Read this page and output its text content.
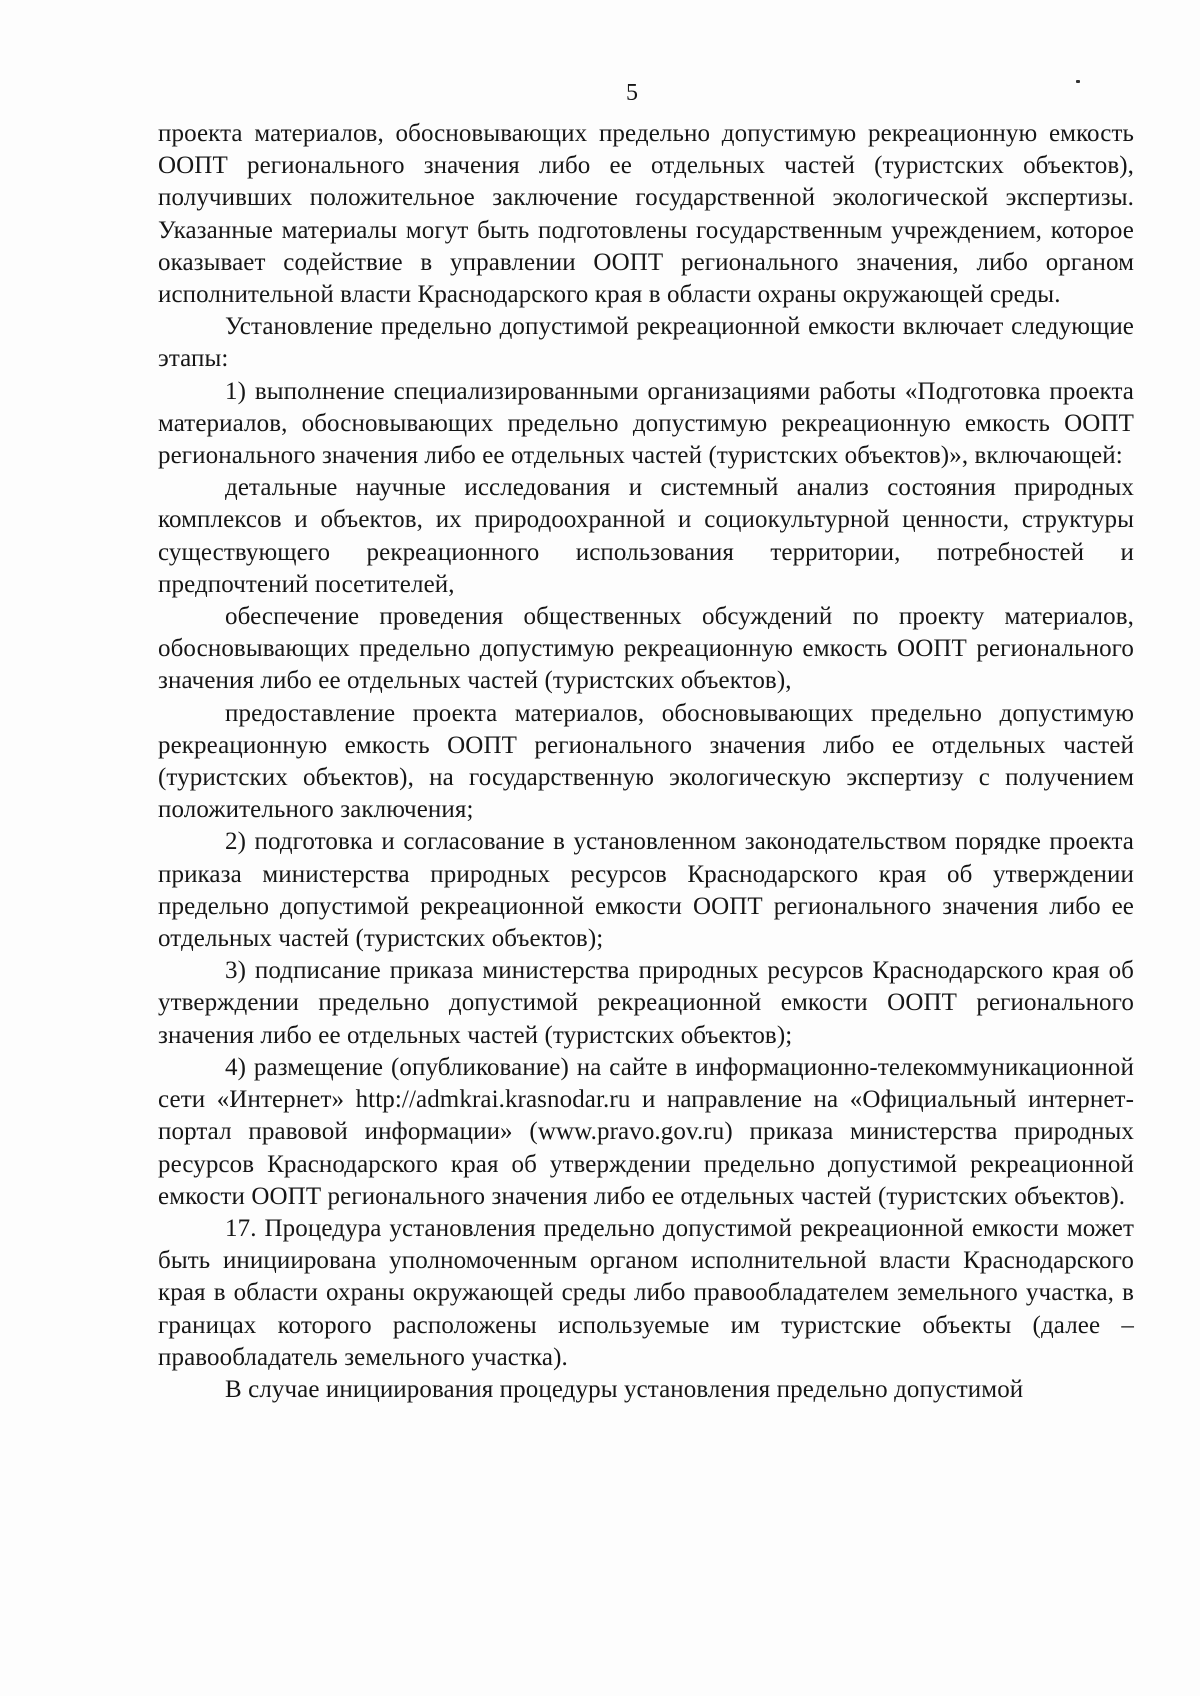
5

проекта материалов, обосновывающих предельно допустимую рекреационную емкость ООПТ регионального значения либо ее отдельных частей (туристских объектов), получивших положительное заключение государственной экологической экспертизы. Указанные материалы могут быть подготовлены государственным учреждением, которое оказывает содействие в управлении ООПТ регионального значения, либо органом исполнительной власти Краснодарского края в области охраны окружающей среды.

Установление предельно допустимой рекреационной емкости включает следующие этапы:

1) выполнение специализированными организациями работы «Подготовка проекта материалов, обосновывающих предельно допустимую рекреационную емкость ООПТ регионального значения либо ее отдельных частей (туристских объектов)», включающей:

детальные научные исследования и системный анализ состояния природных комплексов и объектов, их природоохранной и социокультурной ценности, структуры существующего рекреационного использования территории, потребностей и предпочтений посетителей,

обеспечение проведения общественных обсуждений по проекту материалов, обосновывающих предельно допустимую рекреационную емкость ООПТ регионального значения либо ее отдельных частей (туристских объектов),

предоставление проекта материалов, обосновывающих предельно допустимую рекреационную емкость ООПТ регионального значения либо ее отдельных частей (туристских объектов), на государственную экологическую экспертизу с получением положительного заключения;

2) подготовка и согласование в установленном законодательством порядке проекта приказа министерства природных ресурсов Краснодарского края об утверждении предельно допустимой рекреационной емкости ООПТ регионального значения либо ее отдельных частей (туристских объектов);

3) подписание приказа министерства природных ресурсов Краснодарского края об утверждении предельно допустимой рекреационной емкости ООПТ регионального значения либо ее отдельных частей (туристских объектов);

4) размещение (опубликование) на сайте в информационно-телекоммуникационной сети «Интернет» http://admkrai.krasnodar.ru и направление на «Официальный интернет-портал правовой информации» (www.pravo.gov.ru) приказа министерства природных ресурсов Краснодарского края об утверждении предельно допустимой рекреационной емкости ООПТ регионального значения либо ее отдельных частей (туристских объектов).

17. Процедура установления предельно допустимой рекреационной емкости может быть инициирована уполномоченным органом исполнительной власти Краснодарского края в области охраны окружающей среды либо правообладателем земельного участка, в границах которого расположены используемые им туристские объекты (далее – правообладатель земельного участка).

В случае инициирования процедуры установления предельно допустимой
